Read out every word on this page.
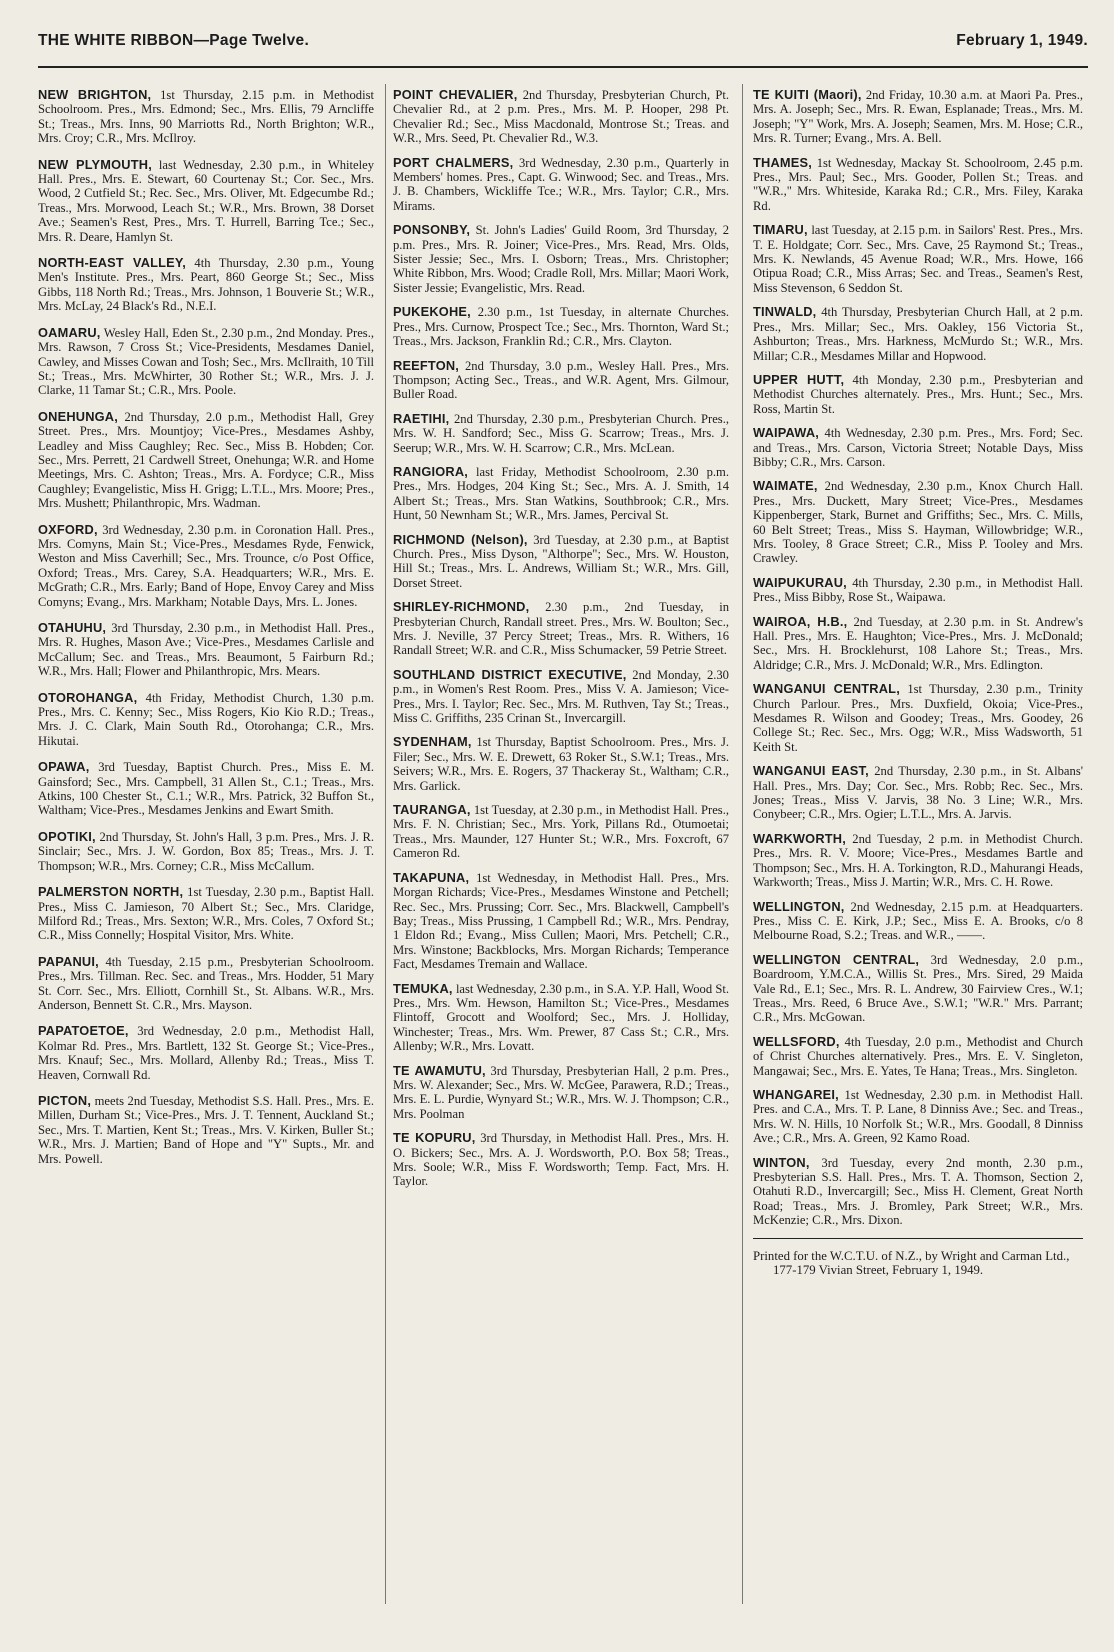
THE WHITE RIBBON—Page Twelve.	February 1, 1949.
NEW BRIGHTON, 1st Thursday, 2.15 p.m. in Methodist Schoolroom. Pres., Mrs. Edmond; Sec., Mrs. Ellis, 79 Arncliffe St.; Treas., Mrs. Inns, 90 Marriotts Rd., North Brighton; W.R., Mrs. Croy; C.R., Mrs. McIlroy.
NEW PLYMOUTH, last Wednesday, 2.30 p.m., in Whiteley Hall. Pres., Mrs. E. Stewart, 60 Courtenay St.; Cor. Sec., Mrs. Wood, 2 Cutfield St.; Rec. Sec., Mrs. Oliver, Mt. Edgecumbe Rd.; Treas., Mrs. Morwood, Leach St.; W.R., Mrs. Brown, 38 Dorset Ave.; Seamen's Rest, Pres., Mrs. T. Hurrell, Barring Tce.; Sec., Mrs. R. Deare, Hamlyn St.
NORTH-EAST VALLEY, 4th Thursday, 2.30 p.m., Young Men's Institute. Pres., Mrs. Peart, 860 George St.; Sec., Miss Gibbs, 118 North Rd.; Treas., Mrs. Johnson, 1 Bouverie St.; W.R., Mrs. McLay, 24 Black's Rd., N.E.I.
OAMARU, Wesley Hall, Eden St., 2.30 p.m., 2nd Monday. Pres., Mrs. Rawson, 7 Cross St.; Vice-Presidents, Mesdames Daniel, Cawley, and Misses Cowan and Tosh; Sec., Mrs. McIlraith, 10 Till St.; Treas., Mrs. McWhirter, 30 Rother St.; W.R., Mrs. J. J. Clarke, 11 Tamar St.; C.R., Mrs. Poole.
ONEHUNGA, 2nd Thursday, 2.0 p.m., Methodist Hall, Grey Street. Pres., Mrs. Mountjoy; Vice-Pres., Mesdames Ashby, Leadley and Miss Caughley; Rec. Sec., Miss B. Hobden; Cor. Sec., Mrs. Perrett, 21 Cardwell Street, Onehunga; W.R. and Home Meetings, Mrs. C. Ashton; Treas., Mrs. A. Fordyce; C.R., Miss Caughley; Evangelistic, Miss H. Grigg; L.T.L., Mrs. Moore; Pres., Mrs. Mushett; Philanthropic, Mrs. Wadman.
OXFORD, 3rd Wednesday, 2.30 p.m. in Coronation Hall. Pres., Mrs. Comyns, Main St.; Vice-Pres., Mesdames Ryde, Fenwick, Weston and Miss Caverhill; Sec., Mrs. Trounce, c/o Post Office, Oxford; Treas., Mrs. Carey, S.A. Headquarters; W.R., Mrs. E. McGrath; C.R., Mrs. Early; Band of Hope, Envoy Carey and Miss Comyns; Evang., Mrs. Markham; Notable Days, Mrs. L. Jones.
OTAHUHU, 3rd Thursday, 2.30 p.m., in Methodist Hall. Pres., Mrs. R. Hughes, Mason Ave.; Vice-Pres., Mesdames Carlisle and McCallum; Sec. and Treas., Mrs. Beaumont, 5 Fairburn Rd.; W.R., Mrs. Hall; Flower and Philanthropic, Mrs. Mears.
OTOROHANGA, 4th Friday, Methodist Church, 1.30 p.m. Pres., Mrs. C. Kenny; Sec., Miss Rogers, Kio Kio R.D.; Treas., Mrs. J. C. Clark, Main South Rd., Otorohanga; C.R., Mrs. Hikutai.
OPAWA, 3rd Tuesday, Baptist Church. Pres., Miss E. M. Gainsford; Sec., Mrs. Campbell, 31 Allen St., C.1.; Treas., Mrs. Atkins, 100 Chester St., C.1.; W.R., Mrs. Patrick, 32 Buffon St., Waltham; Vice-Pres., Mesdames Jenkins and Ewart Smith.
OPOTIKI, 2nd Thursday, St. John's Hall, 3 p.m. Pres., Mrs. J. R. Sinclair; Sec., Mrs. J. W. Gordon, Box 85; Treas., Mrs. J. T. Thompson; W.R., Mrs. Corney; C.R., Miss McCallum.
PALMERSTON NORTH, 1st Tuesday, 2.30 p.m., Baptist Hall. Pres., Miss C. Jamieson, 70 Albert St.; Sec., Mrs. Claridge, Milford Rd.; Treas., Mrs. Sexton; W.R., Mrs. Coles, 7 Oxford St.; C.R., Miss Connelly; Hospital Visitor, Mrs. White.
PAPANUI, 4th Tuesday, 2.15 p.m., Presbyterian Schoolroom. Pres., Mrs. Tillman. Rec. Sec. and Treas., Mrs. Hodder, 51 Mary St. Corr. Sec., Mrs. Elliott, Cornhill St., St. Albans. W.R., Mrs. Anderson, Bennett St. C.R., Mrs. Mayson.
PAPATOETOE, 3rd Wednesday, 2.0 p.m., Methodist Hall, Kolmar Rd. Pres., Mrs. Bartlett, 132 St. George St.; Vice-Pres., Mrs. Knauf; Sec., Mrs. Mollard, Allenby Rd.; Treas., Miss T. Heaven, Cornwall Rd.
PICTON, meets 2nd Tuesday, Methodist S.S. Hall. Pres., Mrs. E. Millen, Durham St.; Vice-Pres., Mrs. J. T. Tennent, Auckland St.; Sec., Mrs. T. Martien, Kent St.; Treas., Mrs. V. Kirken, Buller St.; W.R., Mrs. J. Martien; Band of Hope and "Y" Supts., Mr. and Mrs. Powell.
POINT CHEVALIER, 2nd Thursday, Presbyterian Church, Pt. Chevalier Rd., at 2 p.m. Pres., Mrs. M. P. Hooper, 298 Pt. Chevalier Rd.; Sec., Miss Macdonald, Montrose St.; Treas. and W.R., Mrs. Seed, Pt. Chevalier Rd., W.3.
PORT CHALMERS, 3rd Wednesday, 2.30 p.m., Quarterly in Members' homes. Pres., Capt. G. Winwood; Sec. and Treas., Mrs. J. B. Chambers, Wickliffe Tce.; W.R., Mrs. Taylor; C.R., Mrs. Mirams.
PONSONBY, St. John's Ladies' Guild Room, 3rd Thursday, 2 p.m. Pres., Mrs. R. Joiner; Vice-Pres., Mrs. Read, Mrs. Olds, Sister Jessie; Sec., Mrs. I. Osborn; Treas., Mrs. Christopher; White Ribbon, Mrs. Wood; Cradle Roll, Mrs. Millar; Maori Work, Sister Jessie; Evangelistic, Mrs. Read.
PUKEKOHE, 2.30 p.m., 1st Tuesday, in alternate Churches. Pres., Mrs. Curnow, Prospect Tce.; Sec., Mrs. Thornton, Ward St.; Treas., Mrs. Jackson, Franklin Rd.; C.R., Mrs. Clayton.
REEFTON, 2nd Thursday, 3.0 p.m., Wesley Hall. Pres., Mrs. Thompson; Acting Sec., Treas., and W.R. Agent, Mrs. Gilmour, Buller Road.
RAETIHI, 2nd Thursday, 2.30 p.m., Presbyterian Church. Pres., Mrs. W. H. Sandford; Sec., Miss G. Scarrow; Treas., Mrs. J. Seerup; W.R., Mrs. W. H. Scarrow; C.R., Mrs. McLean.
RANGIORA, last Friday, Methodist Schoolroom, 2.30 p.m. Pres., Mrs. Hodges, 204 King St.; Sec., Mrs. A. J. Smith, 14 Albert St.; Treas., Mrs. Stan Watkins, Southbrook; C.R., Mrs. Hunt, 50 Newnham St.; W.R., Mrs. James, Percival St.
RICHMOND (Nelson), 3rd Tuesday, at 2.30 p.m., at Baptist Church. Pres., Miss Dyson, "Althorpe"; Sec., Mrs. W. Houston, Hill St.; Treas., Mrs. L. Andrews, William St.; W.R., Mrs. Gill, Dorset Street.
SHIRLEY-RICHMOND, 2.30 p.m., 2nd Tuesday, in Presbyterian Church, Randall street. Pres., Mrs. W. Boulton; Sec., Mrs. J. Neville, 37 Percy Street; Treas., Mrs. R. Withers, 16 Randall Street; W.R. and C.R., Miss Schumacker, 59 Petrie Street.
SOUTHLAND DISTRICT EXECUTIVE, 2nd Monday, 2.30 p.m., in Women's Rest Room. Pres., Miss V. A. Jamieson; Vice-Pres., Mrs. I. Taylor; Rec. Sec., Mrs. M. Ruthven, Tay St.; Treas., Miss C. Griffiths, 235 Crinan St., Invercargill.
SYDENHAM, 1st Thursday, Baptist Schoolroom. Pres., Mrs. J. Filer; Sec., Mrs. W. E. Drewett, 63 Roker St., S.W.1; Treas., Mrs. Seivers; W.R., Mrs. E. Rogers, 37 Thackeray St., Waltham; C.R., Mrs. Garlick.
TAURANGA, 1st Tuesday, at 2.30 p.m., in Methodist Hall. Pres., Mrs. F. N. Christian; Sec., Mrs. York, Pillans Rd., Otumoetai; Treas., Mrs. Maunder, 127 Hunter St.; W.R., Mrs. Foxcroft, 67 Cameron Rd.
TAKAPUNA, 1st Wednesday, in Methodist Hall. Pres., Mrs. Morgan Richards; Vice-Pres., Mesdames Winstone and Petchell; Rec. Sec., Mrs. Prussing; Corr. Sec., Mrs. Blackwell, Campbell's Bay; Treas., Miss Prussing, 1 Campbell Rd.; W.R., Mrs. Pendray, 1 Eldon Rd.; Evang., Miss Cullen; Maori, Mrs. Petchell; C.R., Mrs. Winstone; Backblocks, Mrs. Morgan Richards; Temperance Fact, Mesdames Tremain and Wallace.
TEMUKA, last Wednesday, 2.30 p.m., in S.A. Y.P. Hall, Wood St. Pres., Mrs. Wm. Hewson, Hamilton St.; Vice-Pres., Mesdames Flintoff, Grocott and Woolford; Sec., Mrs. J. Holliday, Winchester; Treas., Mrs. Wm. Prewer, 87 Cass St.; C.R., Mrs. Allenby; W.R., Mrs. Lovatt.
TE AWAMUTU, 3rd Thursday, Presbyterian Hall, 2 p.m. Pres., Mrs. W. Alexander; Sec., Mrs. W. McGee, Parawera, R.D.; Treas., Mrs. E. L. Purdie, Wynyard St.; W.R., Mrs. W. J. Thompson; C.R., Mrs. Poolman
TE KOPURU, 3rd Thursday, in Methodist Hall. Pres., Mrs. H. O. Bickers; Sec., Mrs. A. J. Wordsworth, P.O. Box 58; Treas., Mrs. Soole; W.R., Miss F. Wordsworth; Temp. Fact, Mrs. H. Taylor.
TE KUITI (Maori), 2nd Friday, 10.30 a.m. at Maori Pa. Pres., Mrs. A. Joseph; Sec., Mrs. R. Ewan, Esplanade; Treas., Mrs. M. Joseph; "Y" Work, Mrs. A. Joseph; Seamen, Mrs. M. Hose; C.R., Mrs. R. Turner; Evang., Mrs. A. Bell.
THAMES, 1st Wednesday, Mackay St. Schoolroom, 2.45 p.m. Pres., Mrs. Paul; Sec., Mrs. Gooder, Pollen St.; Treas. and "W.R.," Mrs. Whiteside, Karaka Rd.; C.R., Mrs. Filey, Karaka Rd.
TIMARU, last Tuesday, at 2.15 p.m. in Sailors' Rest. Pres., Mrs. T. E. Holdgate; Corr. Sec., Mrs. Cave, 25 Raymond St.; Treas., Mrs. K. Newlands, 45 Avenue Road; W.R., Mrs. Howe, 166 Otipua Road; C.R., Miss Arras; Sec. and Treas., Seamen's Rest, Miss Stevenson, 6 Seddon St.
TINWALD, 4th Thursday, Presbyterian Church Hall, at 2 p.m. Pres., Mrs. Millar; Sec., Mrs. Oakley, 156 Victoria St., Ashburton; Treas., Mrs. Harkness, McMurdo St.; W.R., Mrs. Millar; C.R., Mesdames Millar and Hopwood.
UPPER HUTT, 4th Monday, 2.30 p.m., Presbyterian and Methodist Churches alternately. Pres., Mrs. Hunt.; Sec., Mrs. Ross, Martin St.
WAIPAWA, 4th Wednesday, 2.30 p.m. Pres., Mrs. Ford; Sec. and Treas., Mrs. Carson, Victoria Street; Notable Days, Miss Bibby; C.R., Mrs. Carson.
WAIMATE, 2nd Wednesday, 2.30 p.m., Knox Church Hall. Pres., Mrs. Duckett, Mary Street; Vice-Pres., Mesdames Kippenberger, Stark, Burnet and Griffiths; Sec., Mrs. C. Mills, 60 Belt Street; Treas., Miss S. Hayman, Willowbridge; W.R., Mrs. Tooley, 8 Grace Street; C.R., Miss P. Tooley and Mrs. Crawley.
WAIPUKURAU, 4th Thursday, 2.30 p.m., in Methodist Hall. Pres., Miss Bibby, Rose St., Waipawa.
WAIROA, H.B., 2nd Tuesday, at 2.30 p.m. in St. Andrew's Hall. Pres., Mrs. E. Haughton; Vice-Pres., Mrs. J. McDonald; Sec., Mrs. H. Brocklehurst, 108 Lahore St.; Treas., Mrs. Aldridge; C.R., Mrs. J. McDonald; W.R., Mrs. Edlington.
WANGANUI CENTRAL, 1st Thursday, 2.30 p.m., Trinity Church Parlour. Pres., Mrs. Duxfield, Okoia; Vice-Pres., Mesdames R. Wilson and Goodey; Treas., Mrs. Goodey, 26 College St.; Rec. Sec., Mrs. Ogg; W.R., Miss Wadsworth, 51 Keith St.
WANGANUI EAST, 2nd Thursday, 2.30 p.m., in St. Albans' Hall. Pres., Mrs. Day; Cor. Sec., Mrs. Robb; Rec. Sec., Mrs. Jones; Treas., Miss V. Jarvis, 38 No. 3 Line; W.R., Mrs. Conybeer; C.R., Mrs. Ogier; L.T.L., Mrs. A. Jarvis.
WARKWORTH, 2nd Tuesday, 2 p.m. in Methodist Church. Pres., Mrs. R. V. Moore; Vice-Pres., Mesdames Bartle and Thompson; Sec., Mrs. H. A. Torkington, R.D., Mahurangi Heads, Warkworth; Treas., Miss J. Martin; W.R., Mrs. C. H. Rowe.
WELLINGTON, 2nd Wednesday, 2.15 p.m. at Headquarters. Pres., Miss C. E. Kirk, J.P.; Sec., Miss E. A. Brooks, c/o 8 Melbourne Road, S.2.; Treas. and W.R., ——.
WELLINGTON CENTRAL, 3rd Wednesday, 2.0 p.m., Boardroom, Y.M.C.A., Willis St. Pres., Mrs. Sired, 29 Maida Vale Rd., E.1; Sec., Mrs. R. L. Andrew, 30 Fairview Cres., W.1; Treas., Mrs. Reed, 6 Bruce Ave., S.W.1; "W.R." Mrs. Parrant; C.R., Mrs. McGowan.
WELLSFORD, 4th Tuesday, 2.0 p.m., Methodist and Church of Christ Churches alternatively. Pres., Mrs. E. V. Singleton, Mangawai; Sec., Mrs. E. Yates, Te Hana; Treas., Mrs. Singleton.
WHANGAREI, 1st Wednesday, 2.30 p.m. in Methodist Hall. Pres. and C.A., Mrs. T. P. Lane, 8 Dinniss Ave.; Sec. and Treas., Mrs. W. N. Hills, 10 Norfolk St.; W.R., Mrs. Goodall, 8 Dinniss Ave.; C.R., Mrs. A. Green, 92 Kamo Road.
WINTON, 3rd Tuesday, every 2nd month, 2.30 p.m., Presbyterian S.S. Hall. Pres., Mrs. T. A. Thomson, Section 2, Otahuti R.D., Invercargill; Sec., Miss H. Clement, Great North Road; Treas., Mrs. J. Bromley, Park Street; W.R., Mrs. McKenzie; C.R., Mrs. Dixon.
Printed for the W.C.T.U. of N.Z., by Wright and Carman Ltd., 177-179 Vivian Street, February 1, 1949.
